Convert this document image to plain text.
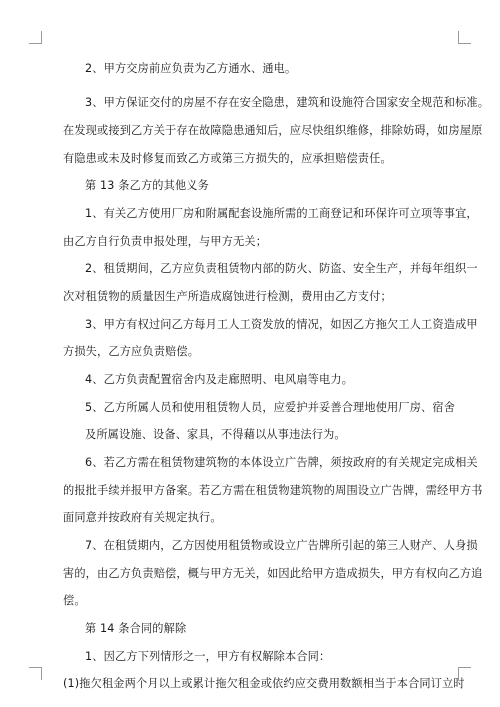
2、甲方交房前应负责为乙方通水、通电。
3、甲方保证交付的房屋不存在安全隐患，建筑和设施符合国家安全规范和标准。
在发现或接到乙方关于存在故障隐患通知后，应尽快组织维修，排除妨碍，如房屋原
有隐患或未及时修复而致乙方或第三方损失的，应承担赔偿责任。
第 13 条乙方的其他义务
1、有关乙方使用厂房和附属配套设施所需的工商登记和环保许可立项等事宜，
由乙方自行负责申报处理，与甲方无关；
2、租赁期间，乙方应负责租赁物内部的防火、防盗、安全生产，并每年组织一
次对租赁物的质量因生产所造成腐蚀进行检测，费用由乙方支付；
3、甲方有权过问乙方每月工人工资发放的情况，如因乙方拖欠工人工资造成甲
方损失，乙方应负责赔偿。
4、乙方负责配置宿舍内及走廊照明、电风扇等电力。
5、乙方所属人员和使用租赁物人员，应爱护并妥善合理地使用厂房、宿舍
及所属设施、设备、家具，不得藉以从事违法行为。
6、若乙方需在租赁物建筑物的本体设立广告牌，须按政府的有关规定完成相关
的报批手续并报甲方备案。若乙方需在租赁物建筑物的周围设立广告牌，需经甲方书
面同意并按政府有关规定执行。
7、在租赁期内，乙方因使用租赁物或设立广告牌所引起的第三人财产、人身损
害的，由乙方负责赔偿，概与甲方无关，如因此给甲方造成损失，甲方有权向乙方追
偿。
第 14 条合同的解除
1、因乙方下列情形之一，甲方有权解除本合同：
(1)拖欠租金两个月以上或累计拖欠租金或依约应交费用数额相当于本合同订立时
